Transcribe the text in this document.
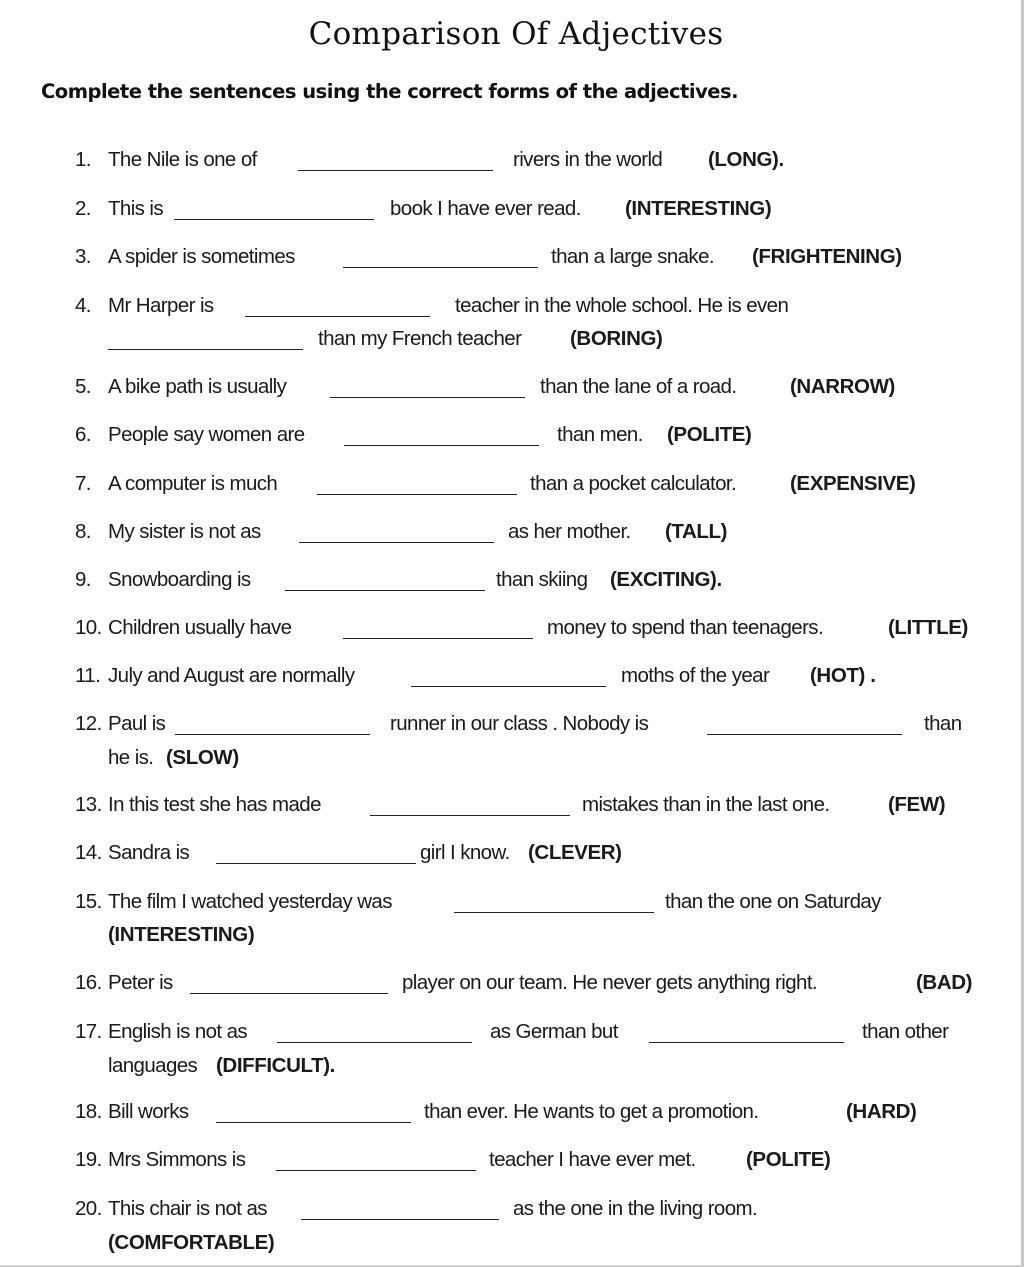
Comparison Of Adjectives
Complete the sentences using the correct forms of the adjectives.
1. The Nile is one of	rivers in the world (LONG).
2. This is	book I have ever read. (INTERESTING)
3. A spider is sometimes	than a large snake. (FRIGHTENING)
4. Mr Harper is	teacher in the whole school. He is even
than my French teacher (BORING)
5. A bike path is usually	than the lane of a road.	(NARROW)
6. People say women are	than men. (POLITE)
7. A computer is much	than a pocket calculator.	(EXPENSIVE)
8. My sister is not as	as her mother. (TALL)
9. Snowboarding is	than skiing (EXCITING).
10. Children usually have	money to spend than teenagers.	(LITTLE)
11. July and August are normally	moths of the year (HOT) .
12. Paul is	runner in our class . Nobody is	than
he is. (SLOW)
13. In this test she has made	mistakes than in the last one.	(FEW)
14. Sandra is	girl I know. (CLEVER)
15. The film I watched yesterday was	than the one on Saturday
(INTERESTING)
16. Peter is	player on our team. He never gets anything right.	(BAD)
17. English is not as	as German but	than other
languages (DIFFICULT).
18. Bill works	than ever. He wants to get a promotion.	(HARD)
19. Mrs Simmons is	teacher I have ever met. (POLITE)
20. This chair is not as	as the one in the living room.
(COMFORTABLE)
